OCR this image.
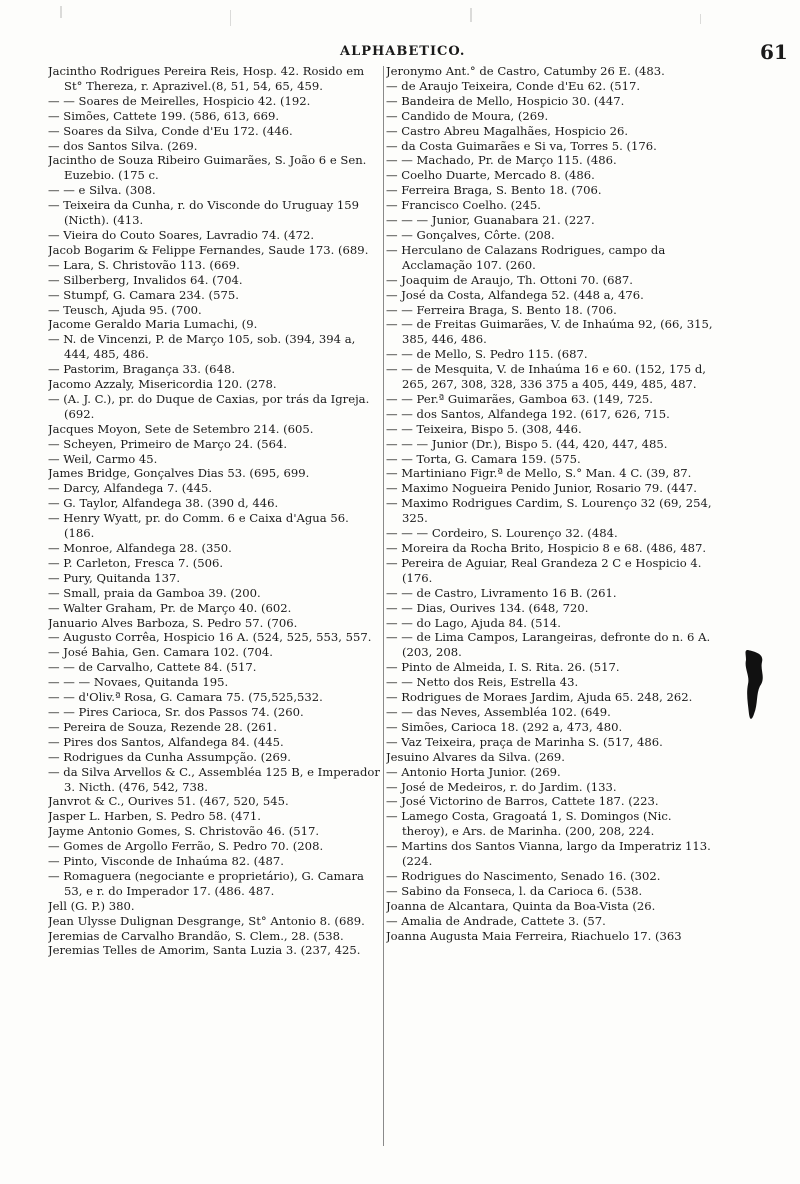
ALPHABETICO.	61

Jacintho Rodrigues Pereira Reis, Hosp. 42. Rosido em St° Thereza, r. Aprazivel.(8, 51, 54, 65, 459.

— — Soares de Meirelles, Hospicio 42. (192.

— Simões, Cattete 199. (586, 613, 669.

— Soares da Silva, Conde d'Eu 172. (446.

— dos Santos Silva. (269.

Jacintho de Souza Ribeiro Guimarães, S. João 6 e Sen. Euzebio. (175 c.

— — e Silva. (308.

— Teixeira da Cunha, r. do Visconde do Uruguay 159 (Nicth). (413.

— Vieira do Couto Soares, Lavradio 74. (472.

Jacob Bogarim & Felippe Fernandes, Saude 173. (689.

— Lara, S. Christovão 113. (669.

— Silberberg, Invalidos 64. (704.

— Stumpf, G. Camara 234. (575.

— Teusch, Ajuda 95. (700.

Jacome Geraldo Maria Lumachi, (9.

— N. de Vincenzi, P. de Março 105, sob. (394, 394 a, 444, 485, 486.

— Pastorim, Bragança 33. (648.

Jacomo Azzaly, Misericordia 120. (278.

— (A. J. C.), pr. do Duque de Caxias, por trás da Igreja. (692.

Jacques Moyon, Sete de Setembro 214. (605.

— Scheyen, Primeiro de Março 24. (564.

— Weil, Carmo 45.

James Bridge, Gonçalves Dias 53. (695, 699.

— Darcy, Alfandega 7. (445.

— G. Taylor, Alfandega 38. (390 d, 446.

— Henry Wyatt, pr. do Comm. 6 e Caixa d'Agua 56. (186.

— Monroe, Alfandega 28. (350.

— P. Carleton, Fresca 7. (506.

— Pury, Quitanda 137.

— Small, praia da Gamboa 39. (200.

— Walter Graham, Pr. de Março 40. (602.

Januario Alves Barboza, S. Pedro 57. (706.

— Augusto Corrêa, Hospicio 16 A. (524, 525, 553, 557.

— José Bahia, Gen. Camara 102. (704.

— — de Carvalho, Cattete 84. (517.

— — — Novaes, Quitanda 195.

— — d'Oliv.ª Rosa, G. Camara 75. (75,525,532.

— — Pires Carioca, Sr. dos Passos 74. (260.

— Pereira de Souza, Rezende 28. (261.

— Pires dos Santos, Alfandega 84. (445.

— Rodrigues da Cunha Assumpção. (269.

— da Silva Arvellos & C., Assembléa 125 B, e Imperador 3. Nicth. (476, 542, 738.

Janvrot & C., Ourives 51. (467, 520, 545.

Jasper L. Harben, S. Pedro 58. (471.

Jayme Antonio Gomes, S. Christovão 46. (517.

— Gomes de Argollo Ferrão, S. Pedro 70. (208.

— Pinto, Visconde de Inhaúma 82. (487.

— Romaguera (negociante e proprietário), G. Camara 53, e r. do Imperador 17. (486. 487.

Jell (G. P.) 380.

Jean Ulysse Dulignan Desgrange, St° Antonio 8. (689.

Jeremias de Carvalho Brandão, S. Clem., 28. (538.

Jeremias Telles de Amorim, Santa Luzia 3. (237, 425.

Jeronymo Ant.° de Castro, Catumby 26 E. (483.

— de Araujo Teixeira, Conde d'Eu 62. (517.

— Bandeira de Mello, Hospicio 30. (447.

— Candido de Moura, (269.

— Castro Abreu Magalhães, Hospicio 26.

— da Costa Guimarães e Si va, Torres 5. (176.

— — Machado, Pr. de Março 115. (486.

— Coelho Duarte, Mercado 8. (486.

— Ferreira Braga, S. Bento 18. (706.

— Francisco Coelho. (245.

— — — Junior, Guanabara 21. (227.

— — Gonçalves, Côrte. (208.

— Herculano de Calazans Rodrigues, campo da Acclamação 107. (260.

— Joaquim de Araujo, Th. Ottoni 70. (687.

— José da Costa, Alfandega 52. (448 a, 476.

— — Ferreira Braga, S. Bento 18. (706.

— — de Freitas Guimarães, V. de Inhaúma 92, (66, 315, 385, 446, 486.

— — de Mello, S. Pedro 115. (687.

— — de Mesquita, V. de Inhaúma 16 e 60. (152, 175 d, 265, 267, 308, 328, 336 375 a 405, 449, 485, 487.

— — Per.ª Guimarães, Gamboa 63. (149, 725.

— — dos Santos, Alfandega 192. (617, 626, 715.

— — Teixeira, Bispo 5. (308, 446.

— — — Junior (Dr.), Bispo 5. (44, 420, 447, 485.

— — Torta, G. Camara 159. (575.

— Martiniano Figr.ª de Mello, S.° Man. 4 C. (39, 87.

— Maximo Nogueira Penido Junior, Rosario 79. (447.

— Maximo Rodrigues Cardim, S. Lourenço 32 (69, 254, 325.

— — — Cordeiro, S. Lourenço 32. (484.

— Moreira da Rocha Brito, Hospicio 8 e 68. (486, 487.

— Pereira de Aguiar, Real Grandeza 2 C e Hospicio 4. (176.

— — de Castro, Livramento 16 B. (261.

— — Dias, Ourives 134. (648, 720.

— — do Lago, Ajuda 84. (514.

— — de Lima Campos, Larangeiras, defronte do n. 6 A. (203, 208.

— Pinto de Almeida, I. S. Rita. 26. (517.

— — Netto dos Reis, Estrella 43.

— Rodrigues de Moraes Jardim, Ajuda 65. 248, 262.

— — das Neves, Assembléa 102. (649.

— Simões, Carioca 18. (292 a, 473, 480.

— Vaz Teixeira, praça de Marinha S. (517, 486.

Jesuino Alvares da Silva. (269.

— Antonio Horta Junior. (269.

— José de Medeiros, r. do Jardim. (133.

— José Victorino de Barros, Cattete 187. (223.

— Lamego Costa, Gragoatá 1, S. Domingos (Nic. theroy), e Ars. de Marinha. (200, 208, 224.

— Martins dos Santos Vianna, largo da Imperatriz 113. (224.

— Rodrigues do Nascimento, Senado 16. (302.

— Sabino da Fonseca, l. da Carioca 6. (538.

Joanna de Alcantara, Quinta da Boa-Vista (26.

— Amalia de Andrade, Cattete 3. (57.

Joanna Augusta Maia Ferreira, Riachuelo 17. (363
